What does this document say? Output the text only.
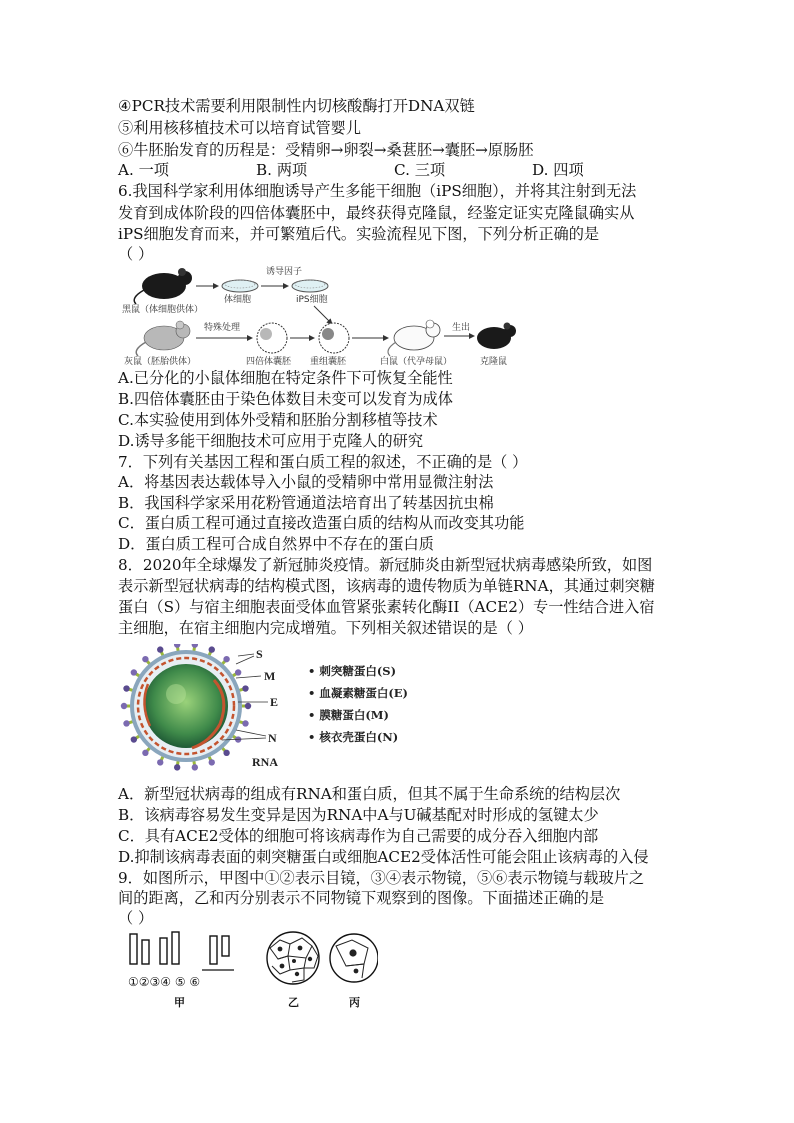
④PCR技术需要利用限制性内切核酸酶打开DNA双链
⑤利用核移植技术可以培育试管婴儿
⑥牛胚胎发育的历程是：受精卵→卵裂→桑葚胚→囊胚→原肠胚
A. 一项	B. 两项	C. 三项	D. 四项
6.我国科学家利用体细胞诱导产生多能干细胞（iPS细胞），并将其注射到无法
发育到成体阶段的四倍体囊胚中，最终获得克隆鼠，经鉴定证实克隆鼠确实从
iPS细胞发育而来，并可繁殖后代。实验流程见下图，下列分析正确的是
（ ）
黑鼠（体细胞供体）
体细胞
诱导因子
iPS细胞
灰鼠（胚胎供体）
特殊处理
四倍体囊胚 重组囊胚	白鼠（代孕母鼠）
生出
克隆鼠
A.已分化的小鼠体细胞在特定条件下可恢复全能性
B.四倍体囊胚由于染色体数目未变可以发育为成体
C.本实验使用到体外受精和胚胎分割移植等技术
D.诱导多能干细胞技术可应用于克隆人的研究
7．下列有关基因工程和蛋白质工程的叙述，不正确的是（ ）
A．将基因表达载体导入小鼠的受精卵中常用显微注射法
B．我国科学家采用花粉管通道法培育出了转基因抗虫棉
C．蛋白质工程可通过直接改造蛋白质的结构从而改变其功能
D．蛋白质工程可合成自然界中不存在的蛋白质
8．2020年全球爆发了新冠肺炎疫情。新冠肺炎由新型冠状病毒感染所致，如图
表示新型冠状病毒的结构模式图，该病毒的遗传物质为单链RNA，其通过刺突糖
蛋白（S）与宿主细胞表面受体血管紧张素转化酶II（ACE2）专一性结合进入宿
主细胞，在宿主细胞内完成增殖。下列相关叙述错误的是（ ）
S
M
E
N
RNA
• 刺突糖蛋白(S)
• 血凝素糖蛋白(E)
• 膜糖蛋白(M)
• 核衣壳蛋白(N)
A．新型冠状病毒的组成有RNA和蛋白质，但其不属于生命系统的结构层次
B．该病毒容易发生变异是因为RNA中A与U碱基配对时形成的氢键太少
C．具有ACE2受体的细胞可将该病毒作为自己需要的成分吞入细胞内部
D.抑制该病毒表面的刺突糖蛋白或细胞ACE2受体活性可能会阻止该病毒的入侵
9．如图所示，甲图中①②表示目镜，③④表示物镜，⑤⑥表示物镜与载玻片之
间的距离，乙和丙分别表示不同物镜下观察到的图像。下面描述正确的是
（ ）
①②③④ ⑤ ⑥
甲	乙	丙
